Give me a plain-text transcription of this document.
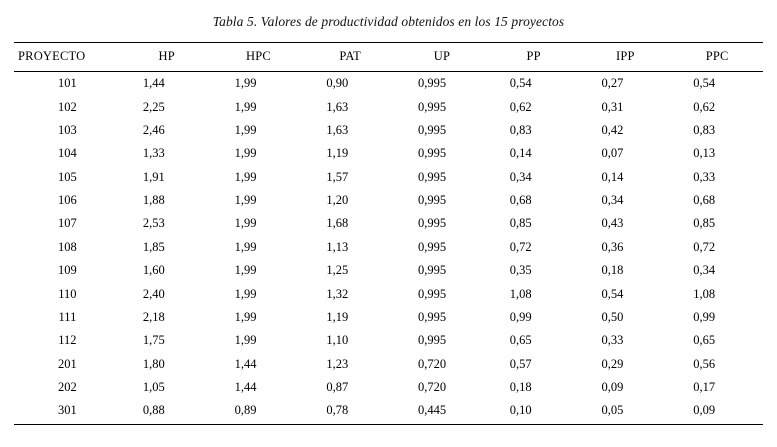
Tabla 5. Valores de productividad obtenidos en los 15 proyectos
PROYECTO	HP	HPC	PAT	UP	PP	IPP	PPC
101	1,44	1,99	0,90	0,995	0,54	0,27	0,54
102	2,25	1,99	1,63	0,995	0,62	0,31	0,62
103	2,46	1,99	1,63	0,995	0,83	0,42	0,83
104	1,33	1,99	1,19	0,995	0,14	0,07	0,13
105	1,91	1,99	1,57	0,995	0,34	0,14	0,33
106	1,88	1,99	1,20	0,995	0,68	0,34	0,68
107	2,53	1,99	1,68	0,995	0,85	0,43	0,85
108	1,85	1,99	1,13	0,995	0,72	0,36	0,72
109	1,60	1,99	1,25	0,995	0,35	0,18	0,34
110	2,40	1,99	1,32	0,995	1,08	0,54	1,08
111	2,18	1,99	1,19	0,995	0,99	0,50	0,99
112	1,75	1,99	1,10	0,995	0,65	0,33	0,65
201	1,80	1,44	1,23	0,720	0,57	0,29	0,56
202	1,05	1,44	0,87	0,720	0,18	0,09	0,17
301	0,88	0,89	0,78	0,445	0,10	0,05	0,09
